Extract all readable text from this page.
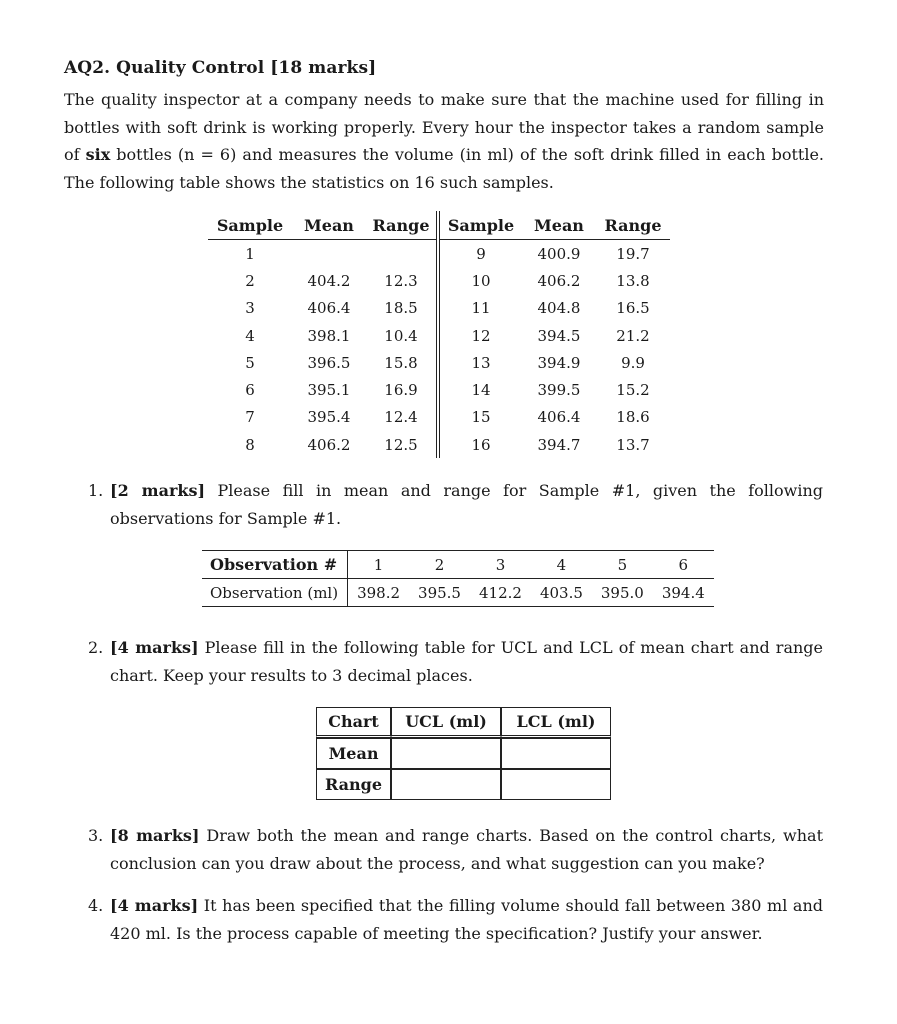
AQ2. Quality Control [18 marks]

The quality inspector at a company needs to make sure that the machine used for filling in bottles with soft drink is working properly. Every hour the inspector takes a random sample of six bottles (n = 6) and measures the volume (in ml) of the soft drink filled in each bottle. The following table shows the statistics on 16 such samples.

Sample	Mean	Range	Sample	Mean	Range
1			9	400.9	19.7
2	404.2	12.3	10	406.2	13.8
3	406.4	18.5	11	404.8	16.5
4	398.1	10.4	12	394.5	21.2
5	396.5	15.8	13	394.9	9.9
6	395.1	16.9	14	399.5	15.2
7	395.4	12.4	15	406.4	18.6
8	406.2	12.5	16	394.7	13.7
1. [2 marks] Please fill in mean and range for Sample #1, given the following observations for Sample #1.
Observation #	1	2	3	4	5	6
Observation (ml)	398.2	395.5	412.2	403.5	395.0	394.4
2. [4 marks] Please fill in the following table for UCL and LCL of mean chart and range chart. Keep your results to 3 decimal places.
Chart	UCL (ml)	LCL (ml)
Mean		
Range		
3. [8 marks] Draw both the mean and range charts. Based on the control charts, what conclusion can you draw about the process, and what suggestion can you make?
4. [4 marks] It has been specified that the filling volume should fall between 380 ml and 420 ml. Is the process capable of meeting the specification? Justify your answer.
